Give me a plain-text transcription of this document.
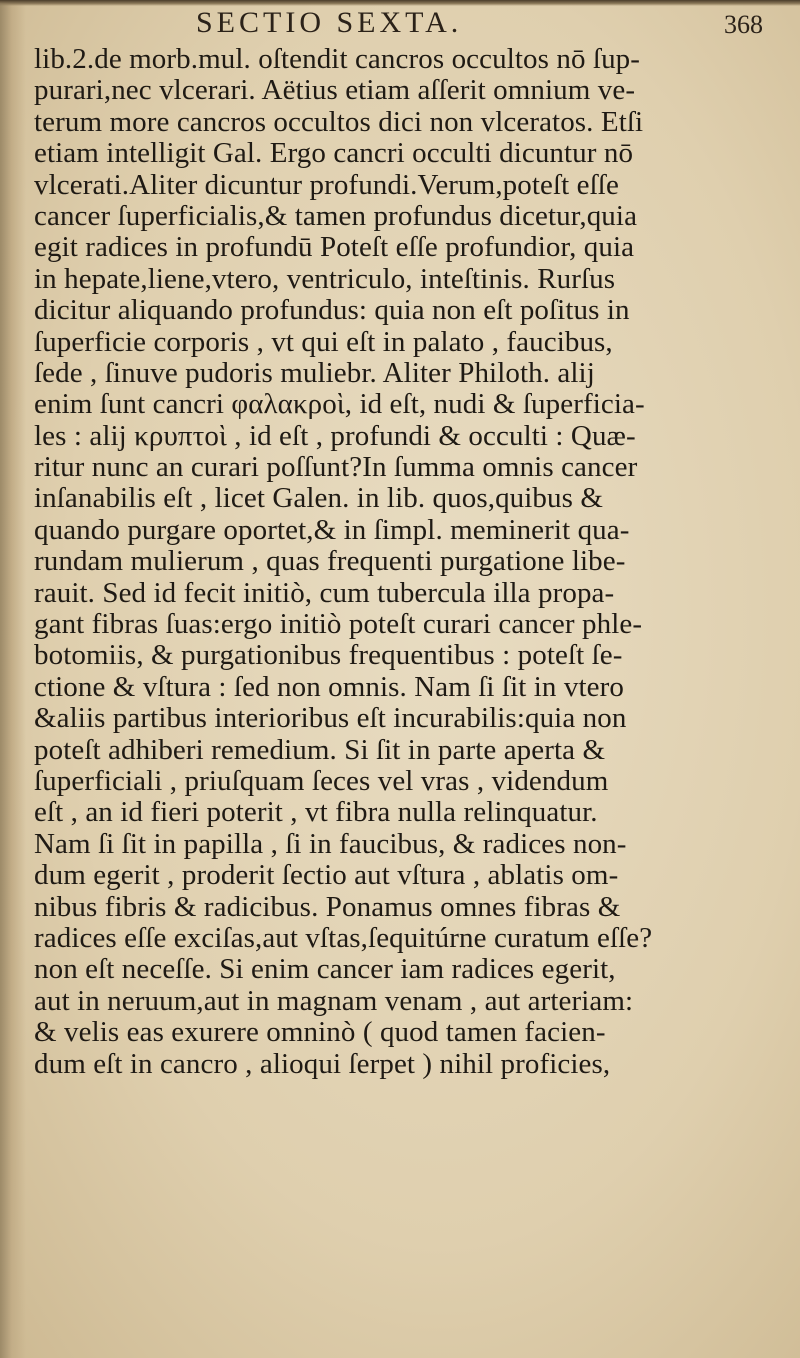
SECTIO SEXTA.	368
lib.2.de morb.mul. oſtendit cancros occultos nō ſup-
purari,nec vlcerari. Aëtius etiam aſſerit omnium ve-
terum more cancros occultos dici non vlceratos. Etſi
etiam intelligit Gal. Ergo cancri occulti dicuntur nō
vlcerati.Aliter dicuntur profundi.Verum,poteſt eſſe
cancer ſuperficialis,& tamen profundus dicetur,quia
egit radices in profundū Poteſt eſſe profundior, quia
in hepate,liene,vtero, ventriculo, inteſtinis. Rurſus
dicitur aliquando profundus: quia non eſt poſitus in
ſuperficie corporis , vt qui eſt in palato , faucibus,
ſede , ſinuve pudoris muliebr. Aliter Philoth. alij
enim ſunt cancri φαλακροὶ, id eſt, nudi & ſuperficia-
les : alij κρυπτοὶ , id eſt , profundi & occulti : Quæ-
ritur nunc an curari poſſunt?In ſumma omnis cancer
inſanabilis eſt , licet Galen. in lib. quos,quibus &
quando purgare oportet,& in ſimpl. meminerit qua-
rundam mulierum , quas frequenti purgatione libe-
rauit. Sed id fecit initiò, cum tubercula illa propa-
gant fibras ſuas:ergo initiò poteſt curari cancer phle-
botomiis, & purgationibus frequentibus : poteſt ſe-
ctione & vſtura : ſed non omnis. Nam ſi ſit in vtero
&aliis partibus interioribus eſt incurabilis:quia non
poteſt adhiberi remedium. Si ſit in parte aperta &
ſuperficiali , priuſquam ſeces vel vras , videndum
eſt , an id fieri poterit , vt fibra nulla relinquatur.
Nam ſi ſit in papilla , ſi in faucibus, & radices non-
dum egerit , proderit ſectio aut vſtura , ablatis om-
nibus fibris & radicibus. Ponamus omnes fibras &
radices eſſe exciſas,aut vſtas,ſequitúrne curatum eſſe?
non eſt neceſſe. Si enim cancer iam radices egerit,
aut in neruum,aut in magnam venam , aut arteriam:
& velis eas exurere omninò ( quod tamen facien-
dum eſt in cancro , alioqui ſerpet ) nihil proficies,
